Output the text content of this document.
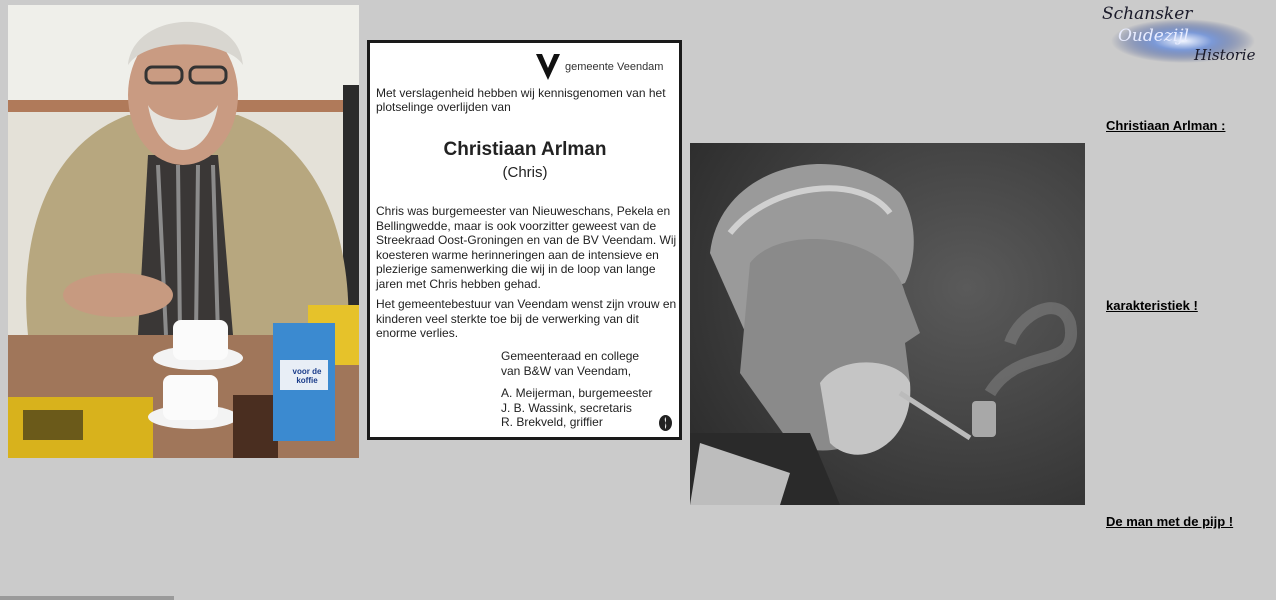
voor de koffie
gemeente Veendam
Met verslagenheid hebben wij kennisgenomen van het plotselinge overlijden van
Christiaan Arlman
(Chris)
Chris was burgemeester van Nieuweschans, Pekela en Bellingwedde, maar is ook voorzitter geweest van de Streekraad Oost-Groningen en van de BV Veendam. Wij koesteren warme herinneringen aan de intensieve en plezierige samenwerking die wij in de loop van lange jaren met Chris hebben gehad.
Het gemeentebestuur van Veendam wenst zijn vrouw en kinderen veel sterkte toe bij de verwerking van dit enorme verlies.
Gemeenteraad en college
van B&W van Veendam,
A. Meijerman, burgemeester
J. B. Wassink, secretaris
R. Brekveld, griffier
Schansker
Oudezijl
Historie
Christiaan Arlman :
karakteristiek !
De man met de pijp !
